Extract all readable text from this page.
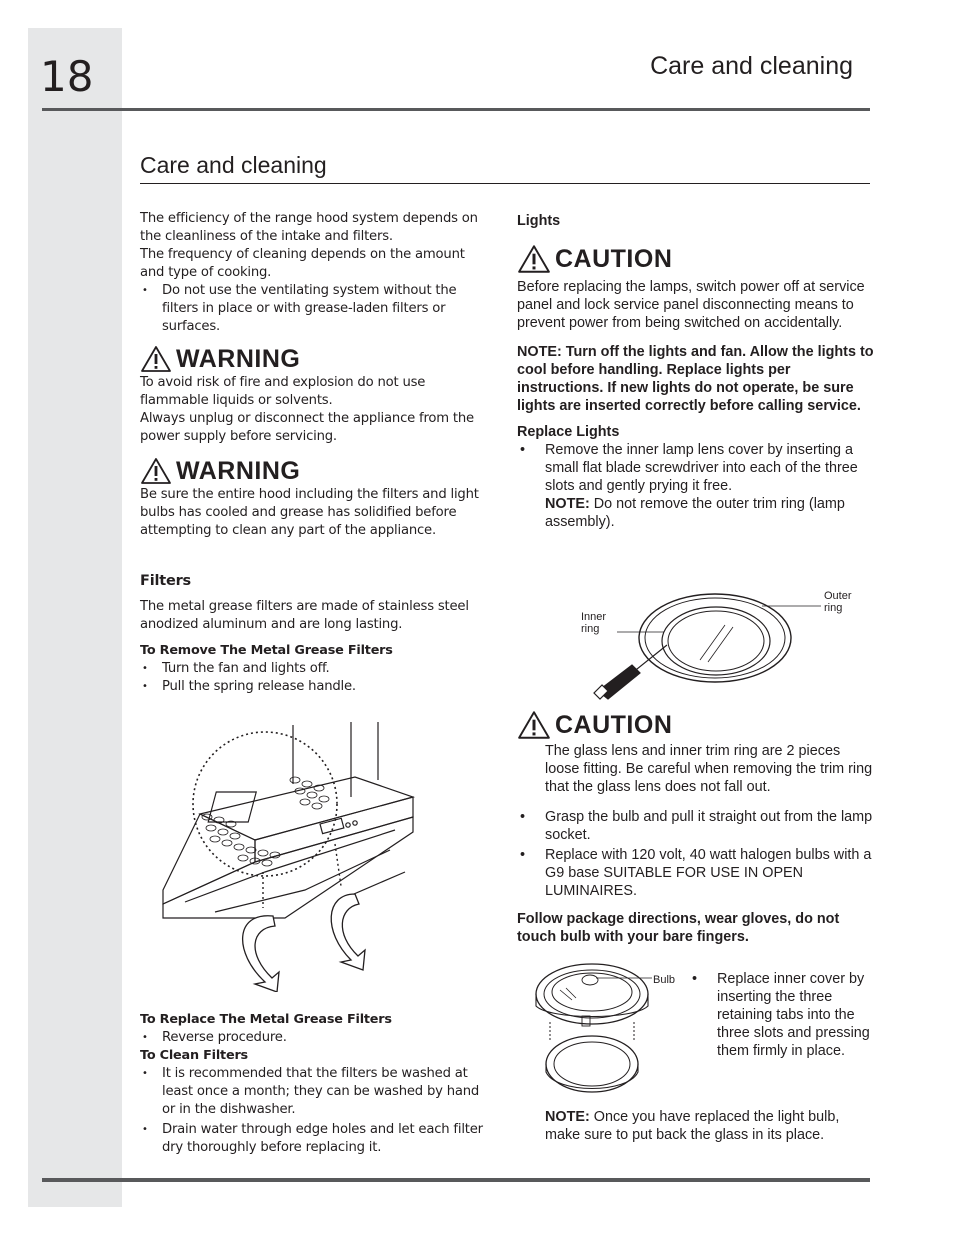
18	Care and cleaning
Care and cleaning

The efficiency of the range hood system depends on the cleanliness of the intake and filters.

The frequency of cleaning depends on the amount and type of cooking.

• Do not use the ventilating system without the filters in place or with grease-laden filters or surfaces.

WARNING

To avoid risk of fire and explosion do not use flammable liquids or solvents.

Always unplug or disconnect the appliance from the power supply before servicing.

WARNING

Be sure the entire hood including the filters and light bulbs has cooled and grease has solidified before attempting to clean any part of the appliance.

Filters

The metal grease filters are made of stainless steel anodized aluminum and are long lasting.

To Remove The Metal Grease Filters

• Turn the fan and lights off.

• Pull the spring release handle.

To Replace The Metal Grease Filters

• Reverse procedure.

To Clean Filters

• It is recommended that the filters be washed at least once a month; they can be washed by hand or in the dishwasher.

• Drain water through edge holes and let each filter dry thoroughly before replacing it.

Lights

CAUTION

Before replacing the lamps, switch power off at service panel and lock service panel disconnecting means to prevent power from being switched on accidentally.

NOTE: Turn off the lights and fan. Allow the lights to cool before handling. Replace lights per instructions. If new lights do not operate, be sure lights are inserted correctly before calling service.

Replace Lights

• Remove the inner lamp lens cover by inserting a small flat blade screwdriver into each of the three slots and gently prying it free.
NOTE: Do not remove the outer trim ring (lamp assembly).
Outer ring
Inner ring
CAUTION

The glass lens and inner trim ring are 2 pieces loose fitting. Be careful when removing the trim ring that the glass lens does not fall out.

• Grasp the bulb and pull it straight out from the lamp socket.

• Replace with 120 volt, 40 watt halogen bulbs with a G9 base SUITABLE FOR USE IN OPEN LUMINAIRES.

Follow package directions, wear gloves, do not touch bulb with your bare fingers.

Bulb

•	Replace inner cover by inserting the three retaining tabs into the three slots and pressing them firmly in place.

NOTE: Once you have replaced the light bulb, make sure to put back the glass in its place.
